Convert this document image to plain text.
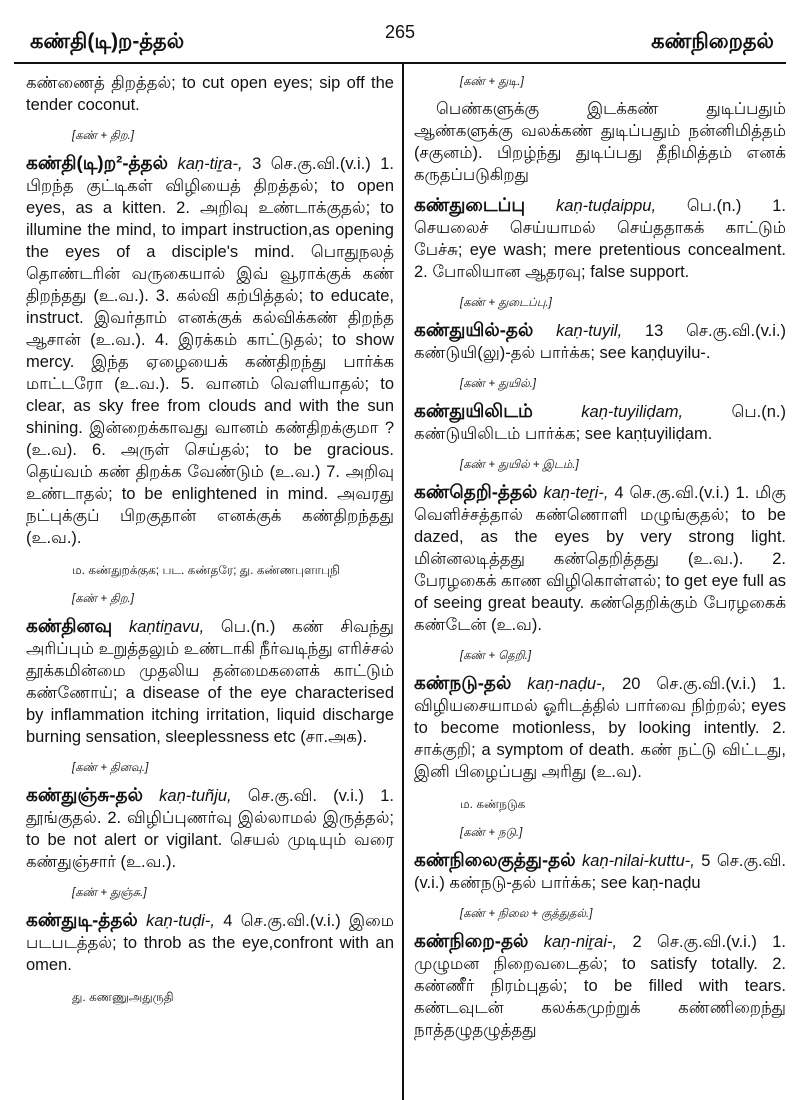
கண்தி(டி)ற-த்தல்	265	கண்நிறைதல்

கண்ணைத் திறத்தல்; to cut open eyes; sip off the tender coconut.

[கண் + திற.]

கண்தி(டி)ற²-த்தல் kaṇ-tiṟa-, 3 செ.கு.வி.(v.i.) 1. பிறந்த குட்டிகள் விழியைத் திறத்தல்; to open eyes, as a kitten. 2. அறிவு உண்டாக்குதல்; to illumine the mind, to impart instruction,as opening the eyes of a disciple's mind. பொதுநலத் தொண்டரின் வருகையால் இவ் வூராக்குக் கண் திறந்தது (உ.வ.). 3. கல்வி கற்பித்தல்; to educate, instruct. இவர்தாம் எனக்குக் கல்விக்கண் திறந்த ஆசான் (உ.வ.). 4. இரக்கம் காட்டுதல்; to show mercy. இந்த ஏழையைக் கண்திறந்து பார்க்க மாட்டரோ (உ.வ.). 5. வானம் வெளியாதல்; to clear, as sky free from clouds and with the sun shining. இன்றைக்காவது வானம் கண்திறக்குமா ? (உ.வ). 6. அருள் செய்தல்; to be gracious. தெய்வம் கண் திறக்க வேண்டும் (உ.வ.) 7. அறிவு உண்டாதல்; to be enlightened in mind. அவரது நட்புக்குப் பிறகுதான் எனக்குக் கண்திறந்தது (உ.வ.).

ம. கண்துறக்குக; பட. கண்தரே; து. கண்ணபுளாபுநி
[கண் + திற.]

கண்தினவு kaṇtiṉavu, பெ.(n.) கண் சிவந்து அரிப்பும் உறுத்தலும் உண்டாகி நீர்வடிந்து எரிச்சல் தூக்கமின்மை முதலிய தன்மைகளைக் காட்டும் கண்ணோய்; a disease of the eye characterised by inflammation itching irritation, liquid discharge burning sensation, sleeplessness etc (சா.அக).

[கண் + தினவு.]

கண்துஞ்சு-தல் kaṇ-tuñju, செ.கு.வி. (v.i.) 1. தூங்குதல். 2. விழிப்புணர்வு இல்லாமல் இருத்தல்; to be not alert or vigilant. செயல் முடியும் வரை கண்துஞ்சார் (உ.வ.).

[கண் + துஞ்சு.]

கண்துடி-த்தல் kaṇ-tuḍi-, 4 செ.கு.வி.(v.i.) இமை படபடத்தல்; to throb as the eye,confront with an omen.

து. கணணுஅதுருதி
[கண் + துடி.]

பெண்களுக்கு இடக்கண் துடிப்பதும் ஆண்களுக்கு வலக்கண் துடிப்பதும் நன்னிமித்தம் (சகுனம்). பிறழ்ந்து துடிப்பது தீநிமித்தம் எனக் கருதப்படுகிறது

கண்துடைப்பு kaṇ-tuḍaippu, பெ.(n.) 1. செயலைச் செய்யாமல் செய்ததாகக் காட்டும் பேச்சு; eye wash; mere pretentious concealment. 2. போலியான ஆதரவு; false support.

[கண் + துடைப்பு.]

கண்துயில்-தல் kaṇ-tuyil, 13 செ.கு.வி.(v.i.) கண்டுயி(லு)-தல் பார்க்க; see kaṇḍuyilu-.

[கண் + துயில்.]

கண்துயிலிடம்	kaṇ-tuyiliḍam,	பெ.(n.) கண்டுயிலிடம் பார்க்க; see kaṇṭuyiliḍam.

[கண் + துயில் + இடம்.]

கண்தெறி-த்தல் kaṇ-teṟi-, 4 செ.கு.வி.(v.i.) 1. மிகு வெளிச்சத்தால் கண்ணொளி மழுங்குதல்; to be dazed, as the eyes by very strong light. மின்னலடித்தது கண்தெறித்தது (உ.வ.). 2. பேரழகைக் காண விழிகொள்ளல்; to get eye full as of seeing great beauty. கண்தெறிக்கும் பேரழகைக் கண்டேன் (உ.வ).

[கண் + தெறி.]

கண்நடு-தல் kaṇ-naḍu-, 20 செ.கு.வி.(v.i.) 1. விழியசையாமல் ஓரிடத்தில் பார்வை நிற்றல்; eyes to become motionless, by looking intently. 2. சாக்குறி; a symptom of death. கண் நட்டு விட்டது, இனி பிழைப்பது அரிது (உ.வ).

ம. கண்நடுக
[கண் + நடு.]

கண்நிலைகுத்து-தல் kaṇ-nilai-kuttu-, 5 செ.கு.வி.(v.i.) கண்நடு-தல் பார்க்க; see kaṇ-naḍu

[கண் + நிலை + குத்துதல்.]

கண்நிறை-தல் kaṇ-niṟai-, 2 செ.கு.வி.(v.i.) 1. முழுமன நிறைவடைதல்; to satisfy totally. 2. கண்ணீர் நிரம்புதல்; to be filled with tears. கண்டவுடன் கலக்கமுற்றுக் கண்ணிறைந்து நாத்தழுதழுத்தது
